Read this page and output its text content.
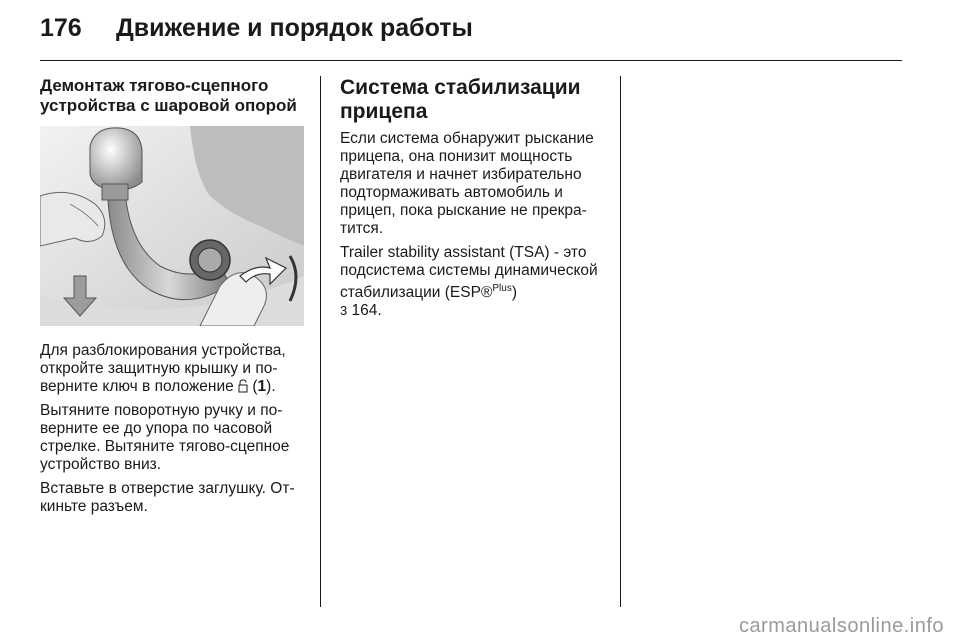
176	Движение и порядок работы
Демонтаж тягово-сцепного устройства с шаровой опорой

Для разблокирования устройства, откройте защитную крышку и поверните ключ в положение  (1).

Вытяните поворотную ручку и поверните ее до упора по часовой стрелке. Вытяните тягово-сцепное устройство вниз.

Вставьте в отверстие заглушку. Откиньте разъем.

Система стабилизации прицепа

Если система обнаружит рыскание прицепа, она понизит мощность двигателя и начнет избирательно подтормаживать автомобиль и прицеп, пока рыскание не прекратится.

Trailer stability assistant (TSA) - это подсистема системы динамической стабилизации (ESP®$^{Plus}$)
3 164.

carmanualsonline.info
